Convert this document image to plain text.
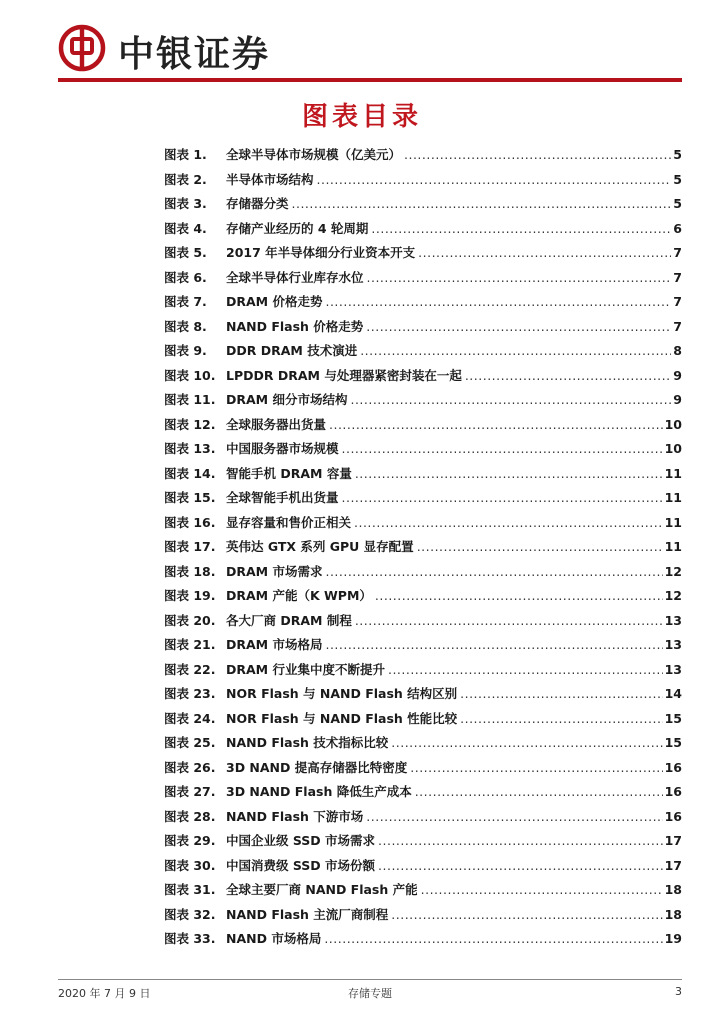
中银证券
图表目录
图表 1.	全球半导体市场规模（亿美元） .....	5
图表 2.	半导体市场结构 .....	5
图表 3.	存储器分类 .....	5
图表 4.	存储产业经历的 4 轮周期 .....	6
图表 5.	2017 年半导体细分行业资本开支 .....	7
图表 6.	全球半导体行业库存水位 .....	7
图表 7.	DRAM 价格走势 .....	7
图表 8.	NAND Flash 价格走势 .....	7
图表 9.	DDR DRAM 技术演进 .....	8
图表 10. LPDDR DRAM 与处理器紧密封装在一起 .....	9
图表 11. DRAM 细分市场结构 .....	9
图表 12. 全球服务器出货量 .....	10
图表 13. 中国服务器市场规模 .....	10
图表 14. 智能手机 DRAM 容量 .....	11
图表 15. 全球智能手机出货量 .....	11
图表 16. 显存容量和售价正相关 .....	11
图表 17. 英伟达 GTX 系列 GPU 显存配置 .....	11
图表 18. DRAM 市场需求 .....	12
图表 19. DRAM 产能（K WPM） .....	12
图表 20. 各大厂商 DRAM 制程 .....	13
图表 21. DRAM 市场格局 .....	13
图表 22. DRAM 行业集中度不断提升 .....	13
图表 23. NOR Flash 与 NAND Flash 结构区别 .....	14
图表 24. NOR Flash 与 NAND Flash 性能比较 .....	15
图表 25. NAND Flash 技术指标比较 .....	15
图表 26. 3D NAND 提高存储器比特密度 .....	16
图表 27. 3D NAND Flash 降低生产成本 .....	16
图表 28. NAND Flash 下游市场 .....	16
图表 29. 中国企业级 SSD 市场需求 .....	17
图表 30. 中国消费级 SSD 市场份额 .....	17
图表 31. 全球主要厂商 NAND Flash 产能 .....	18
图表 32. NAND Flash 主流厂商制程 .....	18
图表 33. NAND 市场格局 .....	19
2020 年 7 月 9 日	存储专题	3
